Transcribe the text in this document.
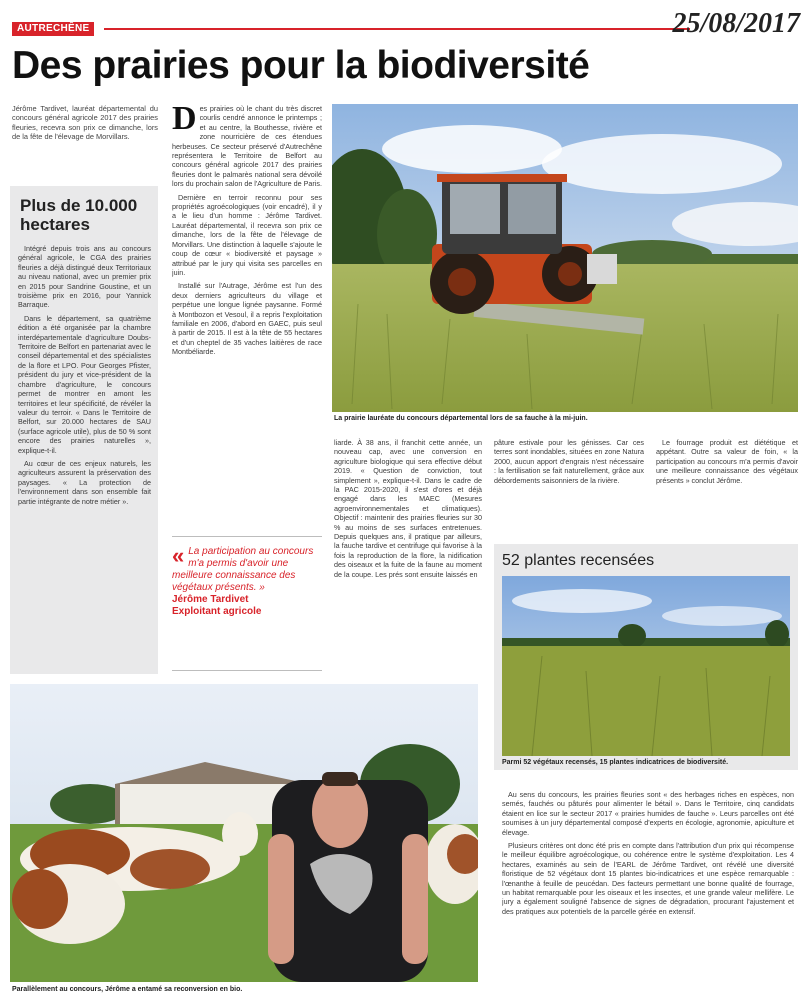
AUTRECHÊNE	25/08/2017
Des prairies pour la biodiversité

Jérôme Tardivet, lauréat départemental du concours général agricole 2017 des prairies fleuries, recevra son prix ce dimanche, lors de la fête de l'élevage de Morvillars.

Plus de 10.000 hectares

Intégré depuis trois ans au concours général agricole, le CGA des prairies fleuries a déjà distingué deux Territoriaux au niveau national, avec un premier prix en 2015 pour Sandrine Goustine, et un troisième prix en 2016, pour Yannick Barraque.

Dans le département, sa quatrième édition a été organisée par la chambre interdépartementale d'agriculture Doubs-Territoire de Belfort en partenariat avec le conseil départemental et des spécialistes de la flore et LPO. Pour Georges Pfister, président du jury et vice-président de la chambre d'agriculture, le concours permet de montrer en amont les territoires et leur spécificité, de révéler la valeur du terroir. « Dans le Territoire de Belfort, sur 20.000 hectares de SAU (surface agricole utile), plus de 50 % sont encore des prairies naturelles », explique-t-il.

Au cœur de ces enjeux naturels, les agriculteurs assurent la préservation des paysages. « La protection de l'environnement dans son ensemble fait partie intégrante de notre métier ».

D es prairies où le chant du très discret courlis cendré annonce le printemps ; et au centre, la Bouthesse, rivière et zone nourricière de ces étendues herbeuses. Ce secteur préservé d'Autrechêne représentera le Territoire de Belfort au concours général agricole 2017 des prairies fleuries dont le palmarès national sera dévoilé lors du prochain salon de l'Agriculture de Paris.

Dernière en terroir reconnu pour ses propriétés agroécologiques (voir encadré), il y a le lieu d'un homme : Jérôme Tardivet. Lauréat départemental, il recevra son prix ce dimanche, lors de la fête de l'élevage de Morvillars. Une distinction à laquelle s'ajoute le coup de cœur « biodiversité et paysage » attribué par le jury qui visita ses parcelles en juin.

Installé sur l'Autrage, Jérôme est l'un des deux derniers agriculteurs du village et perpétue une longue lignée paysanne. Formé à Montbozon et Vesoul, il a repris l'exploitation familiale en 2006, d'abord en GAEC, puis seul à partir de 2015. Il est à la tête de 55 hectares et d'un cheptel de 35 vaches laitières de race Montbéliarde.

La prairie lauréate du concours départemental lors de sa fauche à la mi-juin.
« La participation au concours m'a permis d'avoir une meilleure connaissance des végétaux présents. »
Jérôme Tardivet
Exploitant agricole

liarde. À 38 ans, il franchit cette année, un nouveau cap, avec une conversion en agriculture biologique qui sera effective début 2019. « Question de conviction, tout simplement », explique-t-il. Dans le cadre de la PAC 2015-2020, il s'est d'ores et déjà engagé dans les MAEC (Mesures agroenvironnementales et climatiques). Objectif : maintenir des prairies fleuries sur 30 % au moins de ses surfaces entretenues. Depuis quelques ans, il pratique par ailleurs, la fauche tardive et centrifuge qui favorise à la fois la reproduction de la flore, la nidification des oiseaux et la fuite de la faune au moment de la coupe. Les prés sont ensuite laissés en

pâture estivale pour les génisses. Car ces terres sont inondables, situées en zone Natura 2000, aucun apport d'engrais n'est nécessaire : la fertilisation se fait naturellement, grâce aux débordements saisonniers de la rivière.

Le fourrage produit est diététique et appétant. Outre sa valeur de foin, « la participation au concours m'a permis d'avoir une meilleure connaissance des végétaux présents » conclut Jérôme.

52 plantes recensées
Parmi 52 végétaux recensés, 15 plantes indicatrices de biodiversité.

Au sens du concours, les prairies fleuries sont « des herbages riches en espèces, non semés, fauchés ou pâturés pour alimenter le bétail ». Dans le Territoire, cinq candidats étaient en lice sur le secteur 2017 « prairies humides de fauche ». Leurs parcelles ont été soumises à un jury départemental composé d'experts en écologie, agronomie, apiculture et élevage.

Plusieurs critères ont donc été pris en compte dans l'attribution d'un prix qui récompense le meilleur équilibre agroécologique, ou cohérence entre le système d'exploitation. Les 4 hectares, examinés au sein de l'EARL de Jérôme Tardivet, ont révélé une diversité floristique de 52 végétaux dont 15 plantes bio-indicatrices et une espèce remarquable : l'œnanthe à feuille de peucédan. Des facteurs permettant une bonne qualité de fourrage, un habitat remarquable pour les oiseaux et les insectes, et une grande valeur mellifère. Le jury a également souligné l'absence de signes de dégradation, procurant l'ajustement et des pratiques aux potentiels de la parcelle gérée en extensif.

Parallèlement au concours, Jérôme a entamé sa reconversion en bio.
